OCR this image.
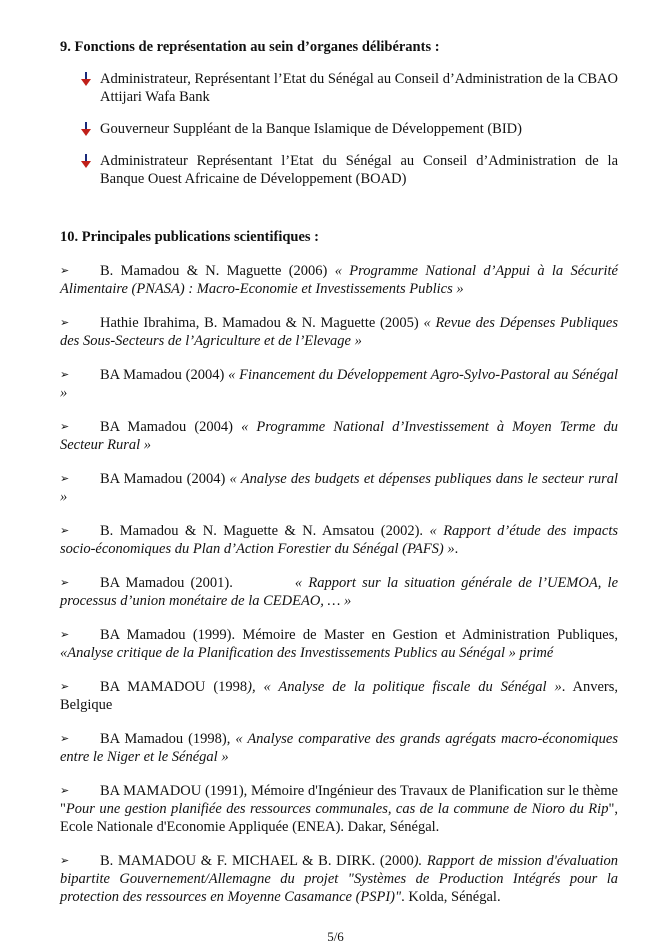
9. Fonctions de représentation au sein d’organes délibérants :
Administrateur, Représentant l’Etat du Sénégal au Conseil d’Administration de la CBAO Attijari Wafa Bank
Gouverneur Suppléant de la Banque Islamique de Développement (BID)
Administrateur Représentant l’Etat du Sénégal au Conseil d’Administration de la Banque Ouest Africaine de Développement (BOAD)
10. Principales publications scientifiques :
➢ B. Mamadou & N. Maguette (2006) « Programme National d’Appui à la Sécurité Alimentaire (PNASA) : Macro-Economie et Investissements Publics »
➢ Hathie Ibrahima, B. Mamadou & N. Maguette (2005) « Revue des Dépenses Publiques des Sous-Secteurs de l’Agriculture et de l’Elevage »
➢ BA Mamadou (2004) « Financement du Développement Agro-Sylvo-Pastoral au Sénégal »
➢ BA Mamadou (2004) « Programme National d’Investissement à Moyen Terme du Secteur Rural »
➢ BA Mamadou (2004) « Analyse des budgets et dépenses publiques dans le secteur rural »
➢ B. Mamadou & N. Maguette & N. Amsatou (2002). « Rapport d’étude des impacts socio-économiques du Plan d’Action Forestier du Sénégal (PAFS) ».
➢ BA Mamadou (2001).          « Rapport sur la situation générale de l’UEMOA, le processus d’union monétaire de la CEDEAO, … »
➢ BA Mamadou (1999). Mémoire de Master en Gestion et Administration Publiques, «Analyse critique de la Planification des Investissements Publics au Sénégal » primé
➢ BA MAMADOU (1998), « Analyse de la politique fiscale du Sénégal ». Anvers, Belgique
➢ BA Mamadou (1998), « Analyse comparative des grands agrégats macro-économiques entre le Niger et le Sénégal »
➢ BA MAMADOU (1991), Mémoire d'Ingénieur des Travaux de Planification sur le thème "Pour une gestion planifiée des ressources communales, cas de la commune de Nioro du Rip", Ecole Nationale d'Economie Appliquée (ENEA). Dakar, Sénégal.
➢ B. MAMADOU & F. MICHAEL & B. DIRK. (2000). Rapport de mission d'évaluation bipartite Gouvernement/Allemagne du projet "Systèmes de Production Intégrés pour la protection des ressources en Moyenne Casamance (PSPI)". Kolda, Sénégal.
5/6
